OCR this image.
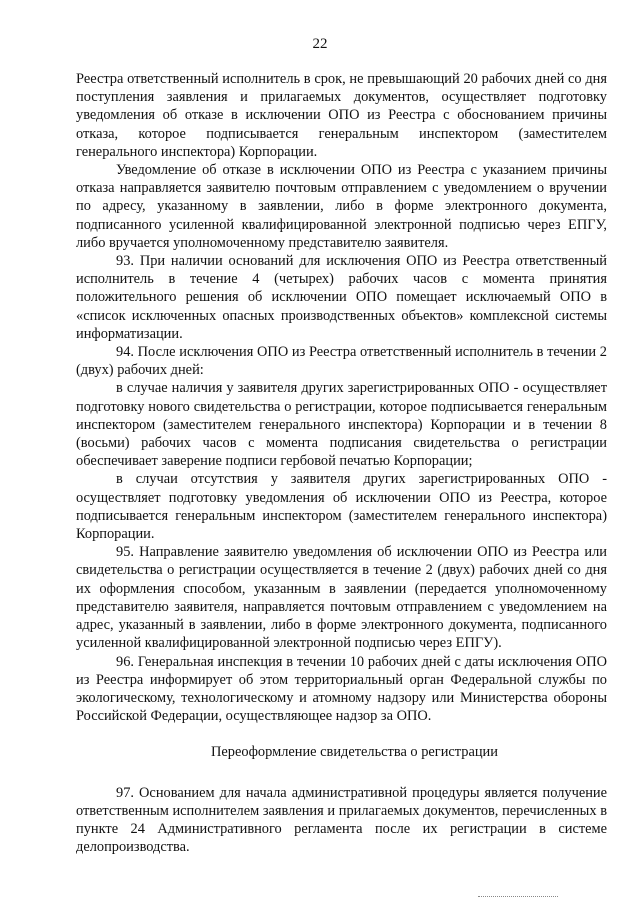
22

Реестра ответственный исполнитель в срок, не превышающий 20 рабочих дней со дня поступления заявления и прилагаемых документов, осуществляет подготовку уведомления об отказе в исключении ОПО из Реестра с обоснованием причины отказа, которое подписывается генеральным инспектором (заместителем генерального инспектора) Корпорации.

Уведомление об отказе в исключении ОПО из Реестра с указанием причины отказа направляется заявителю почтовым отправлением с уведомлением о вручении по адресу, указанному в заявлении, либо в форме электронного документа, подписанного усиленной квалифицированной электронной подписью через ЕПГУ, либо вручается уполномоченному представителю заявителя.

93. При наличии оснований для исключения ОПО из Реестра ответственный исполнитель в течение 4 (четырех) рабочих часов с момента принятия положительного решения об исключении ОПО помещает исключаемый ОПО в «список исключенных опасных производственных объектов» комплексной системы информатизации.

94. После исключения ОПО из Реестра ответственный исполнитель в течении 2 (двух) рабочих дней:

в случае наличия у заявителя других зарегистрированных ОПО - осуществляет подготовку нового свидетельства о регистрации, которое подписывается генеральным инспектором (заместителем генерального инспектора) Корпорации и в течении 8 (восьми) рабочих часов с момента подписания свидетельства о регистрации обеспечивает заверение подписи гербовой печатью Корпорации;

в случаи отсутствия у заявителя других зарегистрированных ОПО - осуществляет подготовку уведомления об исключении ОПО из Реестра, которое подписывается генеральным инспектором (заместителем генерального инспектора) Корпорации.

95. Направление заявителю уведомления об исключении ОПО из Реестра или свидетельства о регистрации осуществляется в течение 2 (двух) рабочих дней со дня их оформления способом, указанным в заявлении (передается уполномоченному представителю заявителя, направляется почтовым отправлением с уведомлением на адрес, указанный в заявлении, либо в форме электронного документа, подписанного усиленной квалифицированной электронной подписью через ЕПГУ).

96. Генеральная инспекция в течении 10 рабочих дней с даты исключения ОПО из Реестра информирует об этом территориальный орган Федеральной службы по экологическому, технологическому и атомному надзору или Министерства обороны Российской Федерации, осуществляющее надзор за ОПО.

Переоформление свидетельства о регистрации

97. Основанием для начала административной процедуры является получение ответственным исполнителем заявления и прилагаемых документов, перечисленных в пункте 24 Административного регламента после их регистрации в системе делопроизводства.
